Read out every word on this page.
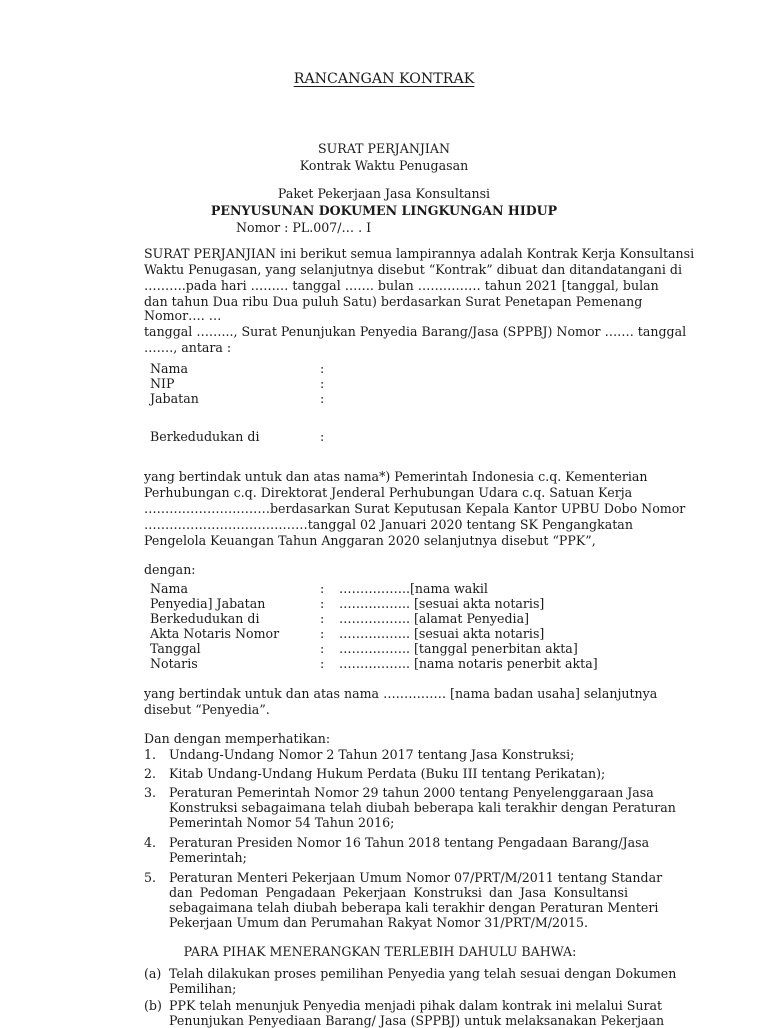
RANCANGAN KONTRAK
SURAT PERJANJIAN
Kontrak Waktu Penugasan
Paket Pekerjaan Jasa Konsultansi
PENYUSUNAN DOKUMEN LINGKUNGAN HIDUP
Nomor : PL.007/… . I
SURAT PERJANJIAN ini berikut semua lampirannya adalah Kontrak Kerja Konsultansi
Waktu Penugasan, yang selanjutnya disebut “Kontrak” dibuat dan ditandatangani di
……….pada hari ……… tanggal ……. bulan …………… tahun 2021 [tanggal, bulan
dan tahun Dua ribu Dua puluh Satu) berdasarkan Surat Penetapan Pemenang
Nomor…. …
tanggal ……..., Surat Penunjukan Penyedia Barang/Jasa (SPPBJ) Nomor ……. tanggal
……., antara :
Nama	:
NIP	:
Jabatan	:
Berkedudukan di	:
yang bertindak untuk dan atas nama*) Pemerintah Indonesia c.q. Kementerian
Perhubungan c.q. Direktorat Jenderal Perhubungan Udara c.q. Satuan Kerja
…………………………berdasarkan Surat Keputusan Kepala Kantor UPBU Dobo Nomor
…………………………………tanggal 02 Januari 2020 tentang SK Pengangkatan
Pengelola Keuangan Tahun Anggaran 2020 selanjutnya disebut “PPK”,
dengan:
Nama	: ……………..[nama wakil
Penyedia] Jabatan	: …………….. [sesuai akta notaris]
Berkedudukan di	: …………….. [alamat Penyedia]
Akta Notaris Nomor	: …………….. [sesuai akta notaris]
Tanggal	: …………….. [tanggal penerbitan akta]
Notaris	: …………….. [nama notaris penerbit akta]
yang bertindak untuk dan atas nama …………… [nama badan usaha] selanjutnya
disebut “Penyedia”.
Dan dengan memperhatikan:
1. Undang-Undang Nomor 2 Tahun 2017 tentang Jasa Konstruksi;
2. Kitab Undang-Undang Hukum Perdata (Buku III tentang Perikatan);
3. Peraturan Pemerintah Nomor 29 tahun 2000 tentang Penyelenggaraan Jasa
Konstruksi sebagaimana telah diubah beberapa kali terakhir dengan Peraturan
Pemerintah Nomor 54 Tahun 2016;
4. Peraturan Presiden Nomor 16 Tahun 2018 tentang Pengadaan Barang/Jasa
Pemerintah;
5. Peraturan Menteri Pekerjaan Umum Nomor 07/PRT/M/2011 tentang Standar
dan Pedoman Pengadaan Pekerjaan Konstruksi dan Jasa Konsultansi
sebagaimana telah diubah beberapa kali terakhir dengan Peraturan Menteri
Pekerjaan Umum dan Perumahan Rakyat Nomor 31/PRT/M/2015.
PARA PIHAK MENERANGKAN TERLEBIH DAHULU BAHWA:
(a) Telah dilakukan proses pemilihan Penyedia yang telah sesuai dengan Dokumen
Pemilihan;
(b) PPK telah menunjuk Penyedia menjadi pihak dalam kontrak ini melalui Surat
Penunjukan Penyediaan Barang/ Jasa (SPPBJ) untuk melaksanakan Pekerjaan
